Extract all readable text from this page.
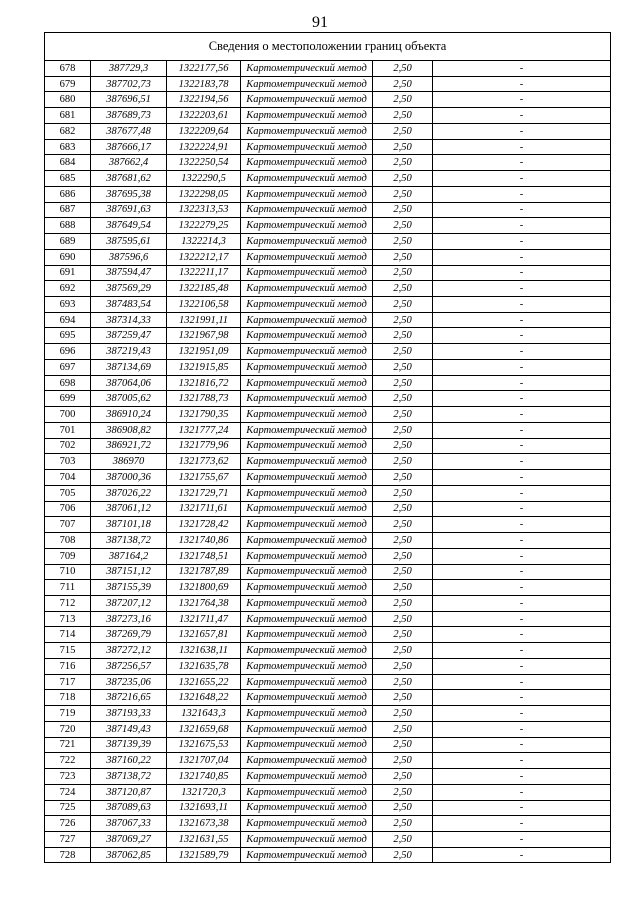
91
Сведения о местоположении границ объекта					
678	387729,3	1322177,56	Картометрический метод	2,50	-
679	387702,73	1322183,78	Картометрический метод	2,50	-
680	387696,51	1322194,56	Картометрический метод	2,50	-
681	387689,73	1322203,61	Картометрический метод	2,50	-
682	387677,48	1322209,64	Картометрический метод	2,50	-
683	387666,17	1322224,91	Картометрический метод	2,50	-
684	387662,4	1322250,54	Картометрический метод	2,50	-
685	387681,62	1322290,5	Картометрический метод	2,50	-
686	387695,38	1322298,05	Картометрический метод	2,50	-
687	387691,63	1322313,53	Картометрический метод	2,50	-
688	387649,54	1322279,25	Картометрический метод	2,50	-
689	387595,61	1322214,3	Картометрический метод	2,50	-
690	387596,6	1322212,17	Картометрический метод	2,50	-
691	387594,47	1322211,17	Картометрический метод	2,50	-
692	387569,29	1322185,48	Картометрический метод	2,50	-
693	387483,54	1322106,58	Картометрический метод	2,50	-
694	387314,33	1321991,11	Картометрический метод	2,50	-
695	387259,47	1321967,98	Картометрический метод	2,50	-
696	387219,43	1321951,09	Картометрический метод	2,50	-
697	387134,69	1321915,85	Картометрический метод	2,50	-
698	387064,06	1321816,72	Картометрический метод	2,50	-
699	387005,62	1321788,73	Картометрический метод	2,50	-
700	386910,24	1321790,35	Картометрический метод	2,50	-
701	386908,82	1321777,24	Картометрический метод	2,50	-
702	386921,72	1321779,96	Картометрический метод	2,50	-
703	386970	1321773,62	Картометрический метод	2,50	-
704	387000,36	1321755,67	Картометрический метод	2,50	-
705	387026,22	1321729,71	Картометрический метод	2,50	-
706	387061,12	1321711,61	Картометрический метод	2,50	-
707	387101,18	1321728,42	Картометрический метод	2,50	-
708	387138,72	1321740,86	Картометрический метод	2,50	-
709	387164,2	1321748,51	Картометрический метод	2,50	-
710	387151,12	1321787,89	Картометрический метод	2,50	-
711	387155,39	1321800,69	Картометрический метод	2,50	-
712	387207,12	1321764,38	Картометрический метод	2,50	-
713	387273,16	1321711,47	Картометрический метод	2,50	-
714	387269,79	1321657,81	Картометрический метод	2,50	-
715	387272,12	1321638,11	Картометрический метод	2,50	-
716	387256,57	1321635,78	Картометрический метод	2,50	-
717	387235,06	1321655,22	Картометрический метод	2,50	-
718	387216,65	1321648,22	Картометрический метод	2,50	-
719	387193,33	1321643,3	Картометрический метод	2,50	-
720	387149,43	1321659,68	Картометрический метод	2,50	-
721	387139,39	1321675,53	Картометрический метод	2,50	-
722	387160,22	1321707,04	Картометрический метод	2,50	-
723	387138,72	1321740,85	Картометрический метод	2,50	-
724	387120,87	1321720,3	Картометрический метод	2,50	-
725	387089,63	1321693,11	Картометрический метод	2,50	-
726	387067,33	1321673,38	Картометрический метод	2,50	-
727	387069,27	1321631,55	Картометрический метод	2,50	-
728	387062,85	1321589,79	Картометрический метод	2,50	-
